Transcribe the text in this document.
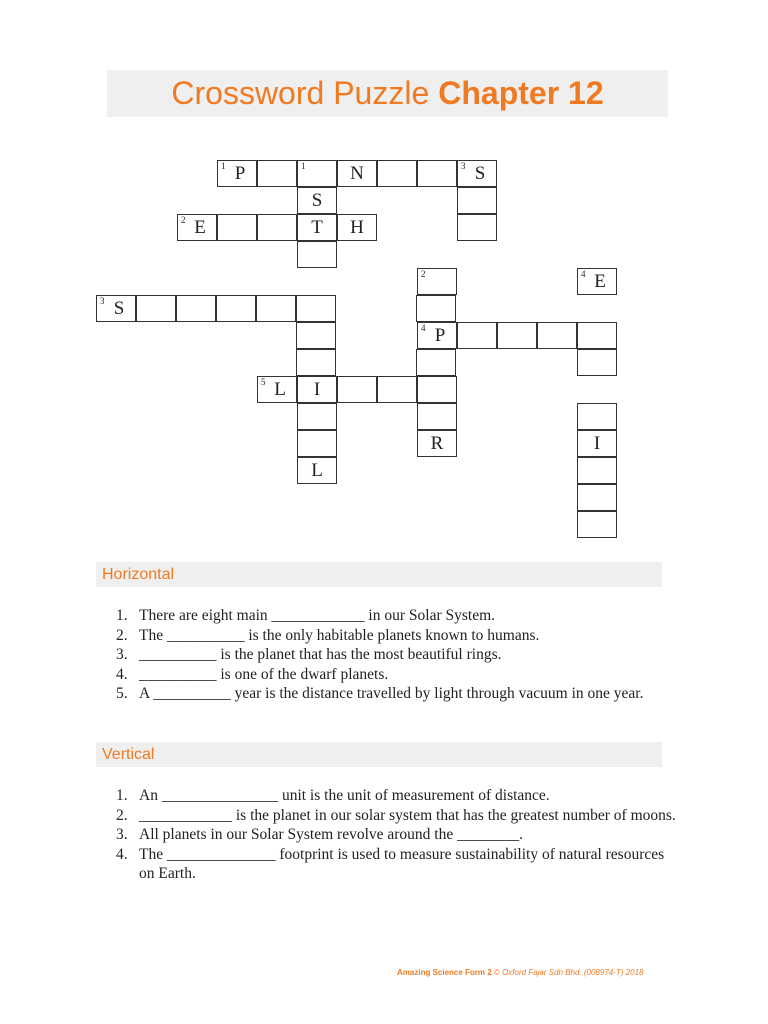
Crossword Puzzle Chapter 12
1 P	1	N	3 S
S
2 E	T	H
2	4 E
3 S
4 P
5 L	I
R	I
L
Horizontal
1. There are eight main ____________ in our Solar System.
2. The __________ is the only habitable planets known to humans.
3. __________ is the planet that has the most beautiful rings.
4. __________ is one of the dwarf planets.
5. A __________ year is the distance travelled by light through vacuum in one year.
Vertical
1. An _______________ unit is the unit of measurement of distance.
2. ____________ is the planet in our solar system that has the greatest number of moons.
3. All planets in our Solar System revolve around the ________.
4. The ______________ footprint is used to measure sustainability of natural resources on Earth.
Amazing Science Form 2 © Oxford Fajar Sdn Bhd. (008974-T) 2018
